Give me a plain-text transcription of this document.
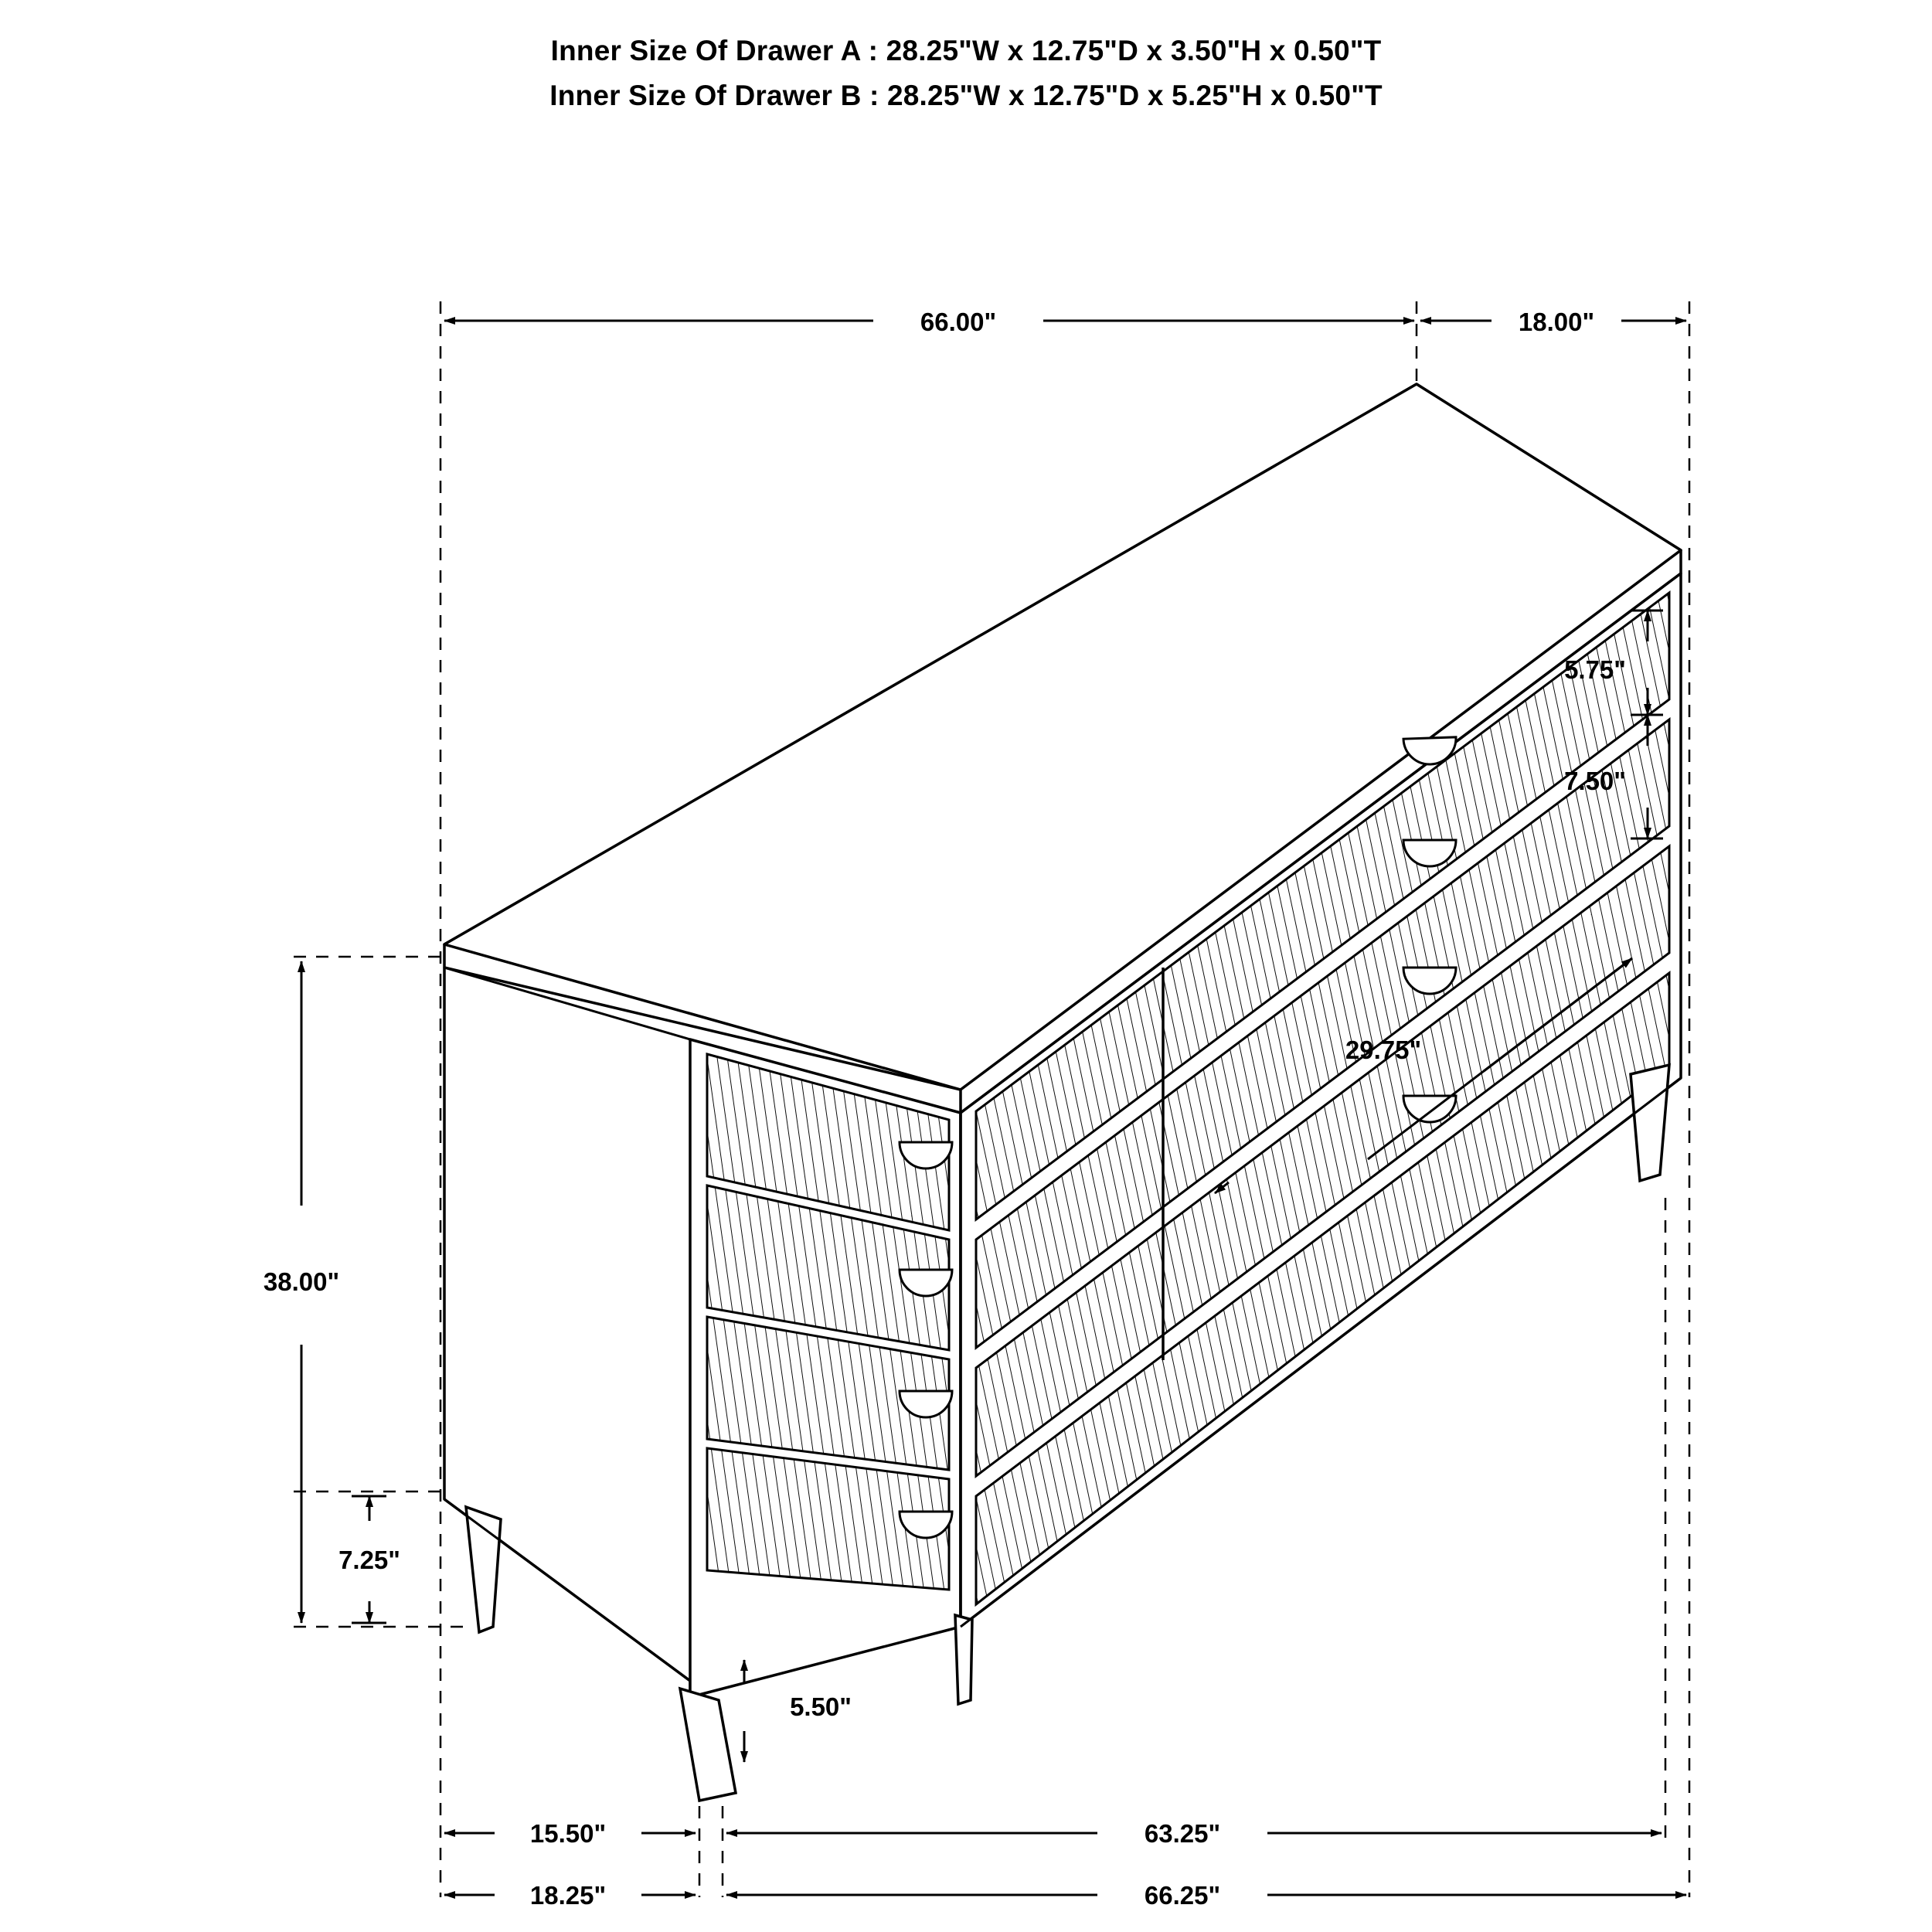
Inner Size Of Drawer A : 28.25"W x 12.75"D x 3.50"H x 0.50"T
Inner Size Of Drawer B : 28.25"W x 12.75"D x 5.25"H x 0.50"T
66.00"	18.00"
5.75"
7.50"
29.75"
38.00"
7.25"
5.50"
15.50"	63.25"
18.25"	66.25"
